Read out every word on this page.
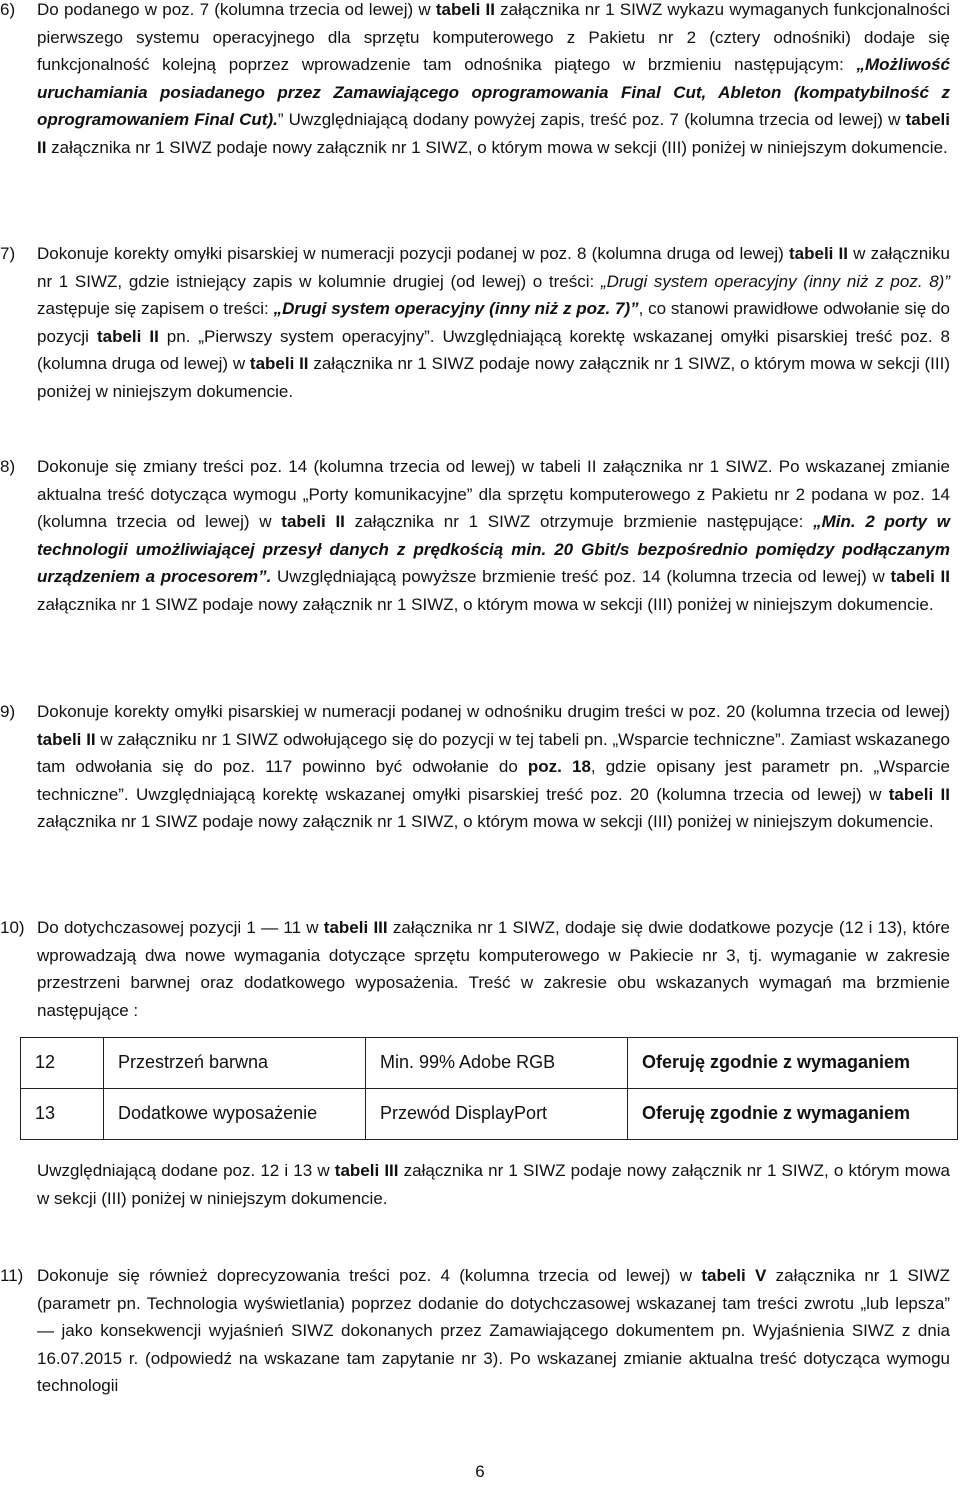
6) Do podanego w poz. 7 (kolumna trzecia od lewej) w tabeli II załącznika nr 1 SIWZ wykazu wymaganych funkcjonalności pierwszego systemu operacyjnego dla sprzętu komputerowego z Pakietu nr 2 (cztery odnośniki) dodaje się funkcjonalność kolejną poprzez wprowadzenie tam odnośnika piątego w brzmieniu następującym: „Możliwość uruchamiania posiadanego przez Zamawiającego oprogramowania Final Cut, Ableton (kompatybilność z oprogramowaniem Final Cut).” Uwzględniającą dodany powyżej zapis, treść poz. 7 (kolumna trzecia od lewej) w tabeli II załącznika nr 1 SIWZ podaje nowy załącznik nr 1 SIWZ, o którym mowa w sekcji (III) poniżej w niniejszym dokumencie.
7) Dokonuje korekty omyłki pisarskiej w numeracji pozycji podanej w poz. 8 (kolumna druga od lewej) tabeli II w załączniku nr 1 SIWZ, gdzie istniejący zapis w kolumnie drugiej (od lewej) o treści: „Drugi system operacyjny (inny niż z poz. 8)” zastępuje się zapisem o treści: „Drugi system operacyjny (inny niż z poz. 7)”, co stanowi prawidłowe odwołanie się do pozycji tabeli II pn. „Pierwszy system operacyjny”. Uwzględniającą korektę wskazanej omyłki pisarskiej treść poz. 8 (kolumna druga od lewej) w tabeli II załącznika nr 1 SIWZ podaje nowy załącznik nr 1 SIWZ, o którym mowa w sekcji (III) poniżej w niniejszym dokumencie.
8) Dokonuje się zmiany treści poz. 14 (kolumna trzecia od lewej) w tabeli II załącznika nr 1 SIWZ. Po wskazanej zmianie aktualna treść dotycząca wymogu „Porty komunikacyjne” dla sprzętu komputerowego z Pakietu nr 2 podana w poz. 14 (kolumna trzecia od lewej) w tabeli II załącznika nr 1 SIWZ otrzymuje brzmienie następujące: „Min. 2 porty w technologii umożliwiającej przesył danych z prędkością min. 20 Gbit/s bezpośrednio pomiędzy podłączanym urządzeniem a procesorem”. Uwzględniającą powyższe brzmienie treść poz. 14 (kolumna trzecia od lewej) w tabeli II załącznika nr 1 SIWZ podaje nowy załącznik nr 1 SIWZ, o którym mowa w sekcji (III) poniżej w niniejszym dokumencie.
9) Dokonuje korekty omyłki pisarskiej w numeracji podanej w odnośniku drugim treści w poz. 20 (kolumna trzecia od lewej) tabeli II w załączniku nr 1 SIWZ odwołującego się do pozycji w tej tabeli pn. „Wsparcie techniczne”. Zamiast wskazanego tam odwołania się do poz. 117 powinno być odwołanie do poz. 18, gdzie opisany jest parametr pn. „Wsparcie techniczne”. Uwzględniającą korektę wskazanej omyłki pisarskiej treść poz. 20 (kolumna trzecia od lewej) w tabeli II załącznika nr 1 SIWZ podaje nowy załącznik nr 1 SIWZ, o którym mowa w sekcji (III) poniżej w niniejszym dokumencie.
10) Do dotychczasowej pozycji 1 — 11 w tabeli III załącznika nr 1 SIWZ, dodaje się dwie dodatkowe pozycje (12 i 13), które wprowadzają dwa nowe wymagania dotyczące sprzętu komputerowego w Pakiecie nr 3, tj. wymaganie w zakresie przestrzeni barwnej oraz dodatkowego wyposażenia. Treść w zakresie obu wskazanych wymagań ma brzmienie następujące :
12	Przestrzeń barwna	Min. 99% Adobe RGB	Oferuję zgodnie z wymaganiem
13	Dodatkowe wyposażenie	Przewód DisplayPort	Oferuję zgodnie z wymaganiem
Uwzględniającą dodane poz. 12 i 13 w tabeli III załącznika nr 1 SIWZ podaje nowy załącznik nr 1 SIWZ, o którym mowa w sekcji (III) poniżej w niniejszym dokumencie.
11) Dokonuje się również doprecyzowania treści poz. 4 (kolumna trzecia od lewej) w tabeli V załącznika nr 1 SIWZ (parametr pn. Technologia wyświetlania) poprzez dodanie do dotychczasowej wskazanej tam treści zwrotu „lub lepsza” — jako konsekwencji wyjaśnień SIWZ dokonanych przez Zamawiającego dokumentem pn. Wyjaśnienia SIWZ z dnia 16.07.2015 r. (odpowiedź na wskazane tam zapytanie nr 3). Po wskazanej zmianie aktualna treść dotycząca wymogu technologii
6
